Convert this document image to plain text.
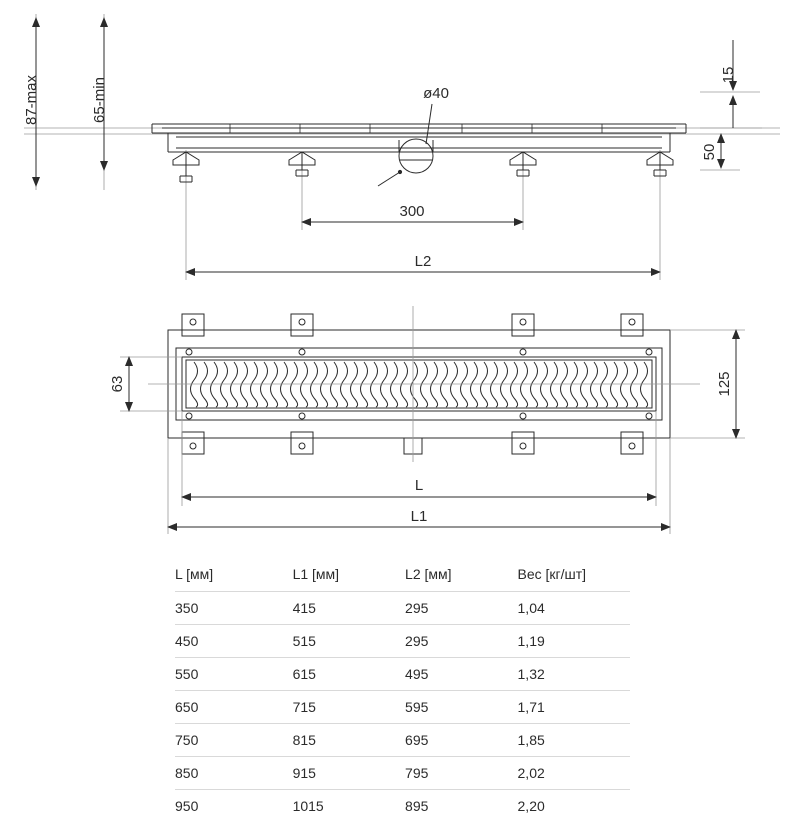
87-max	65-min	ø40
15
50
300
L2
63	125
L
L1
L [мм]	L1 [мм]	L2 [мм]	Вес [кг/шт]
350	415	295	1,04
450	515	295	1,19
550	615	495	1,32
650	715	595	1,71
750	815	695	1,85
850	915	795	2,02
950	1015	895	2,20
